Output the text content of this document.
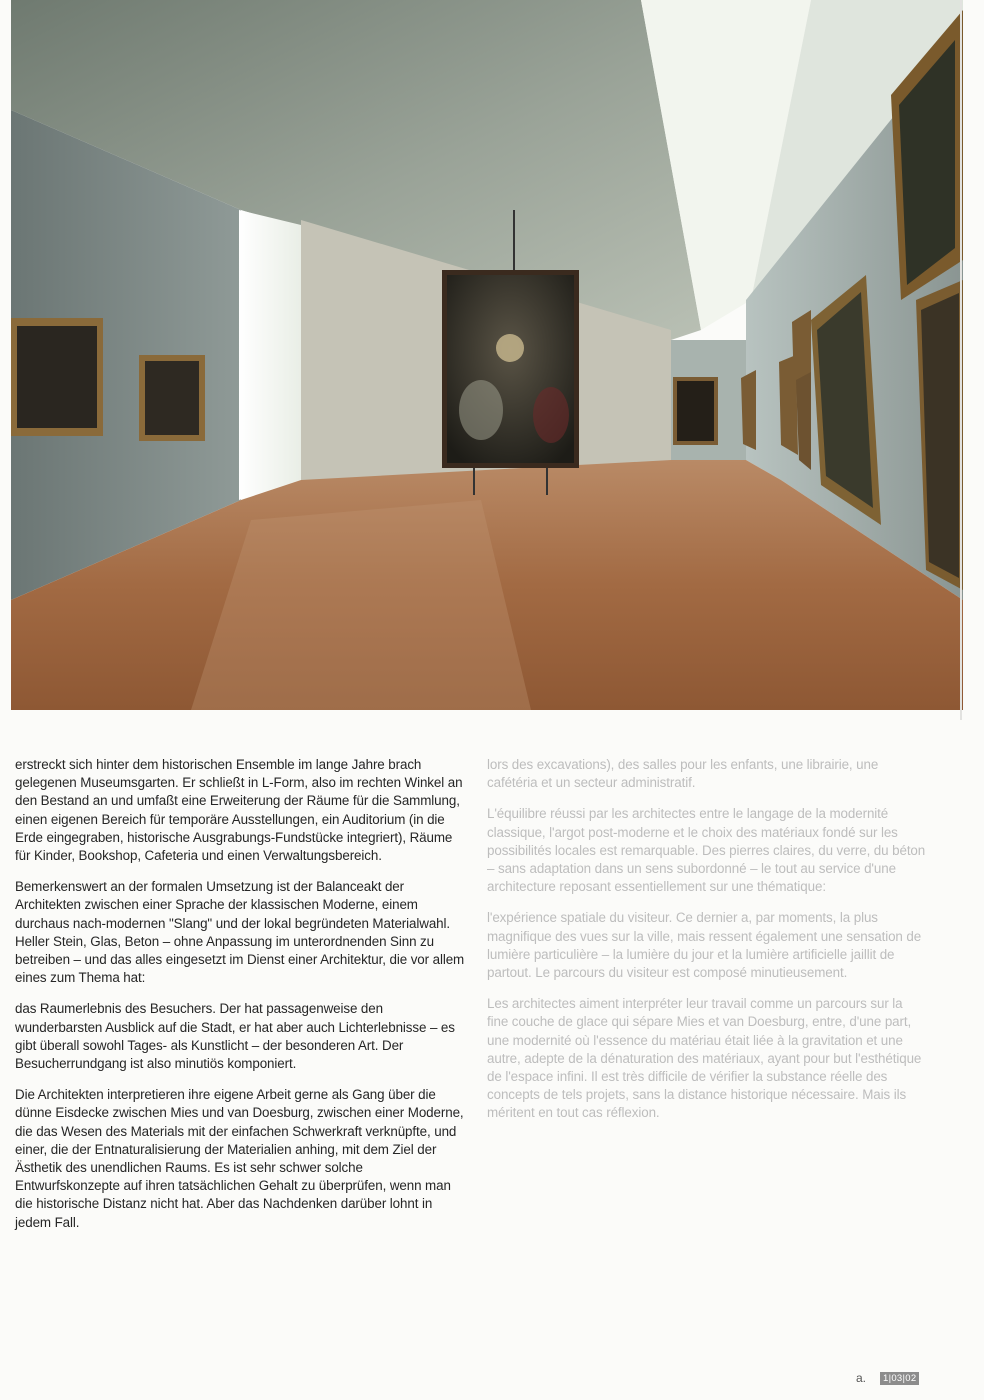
erstreckt sich hinter dem historischen Ensemble im lange Jahre brach gelegenen Museumsgarten. Er schließt in L-Form, also im rechten Winkel an den Bestand an und umfaßt eine Erweiterung der Räume für die Sammlung, einen eigenen Bereich für temporäre Ausstellungen, ein Auditorium (in die Erde eingegraben, historische Ausgrabungs-Fundstücke integriert), Räume für Kinder, Bookshop, Cafeteria und einen Verwaltungsbereich.

Bemerkenswert an der formalen Umsetzung ist der Balanceakt der Architekten zwischen einer Sprache der klassischen Moderne, einem durchaus nach-modernen "Slang" und der lokal begründeten Materialwahl. Heller Stein, Glas, Beton – ohne Anpassung im unterordnenden Sinn zu betreiben – und das alles eingesetzt im Dienst einer Architektur, die vor allem eines zum Thema hat:

das Raumerlebnis des Besuchers. Der hat passagenweise den wunderbarsten Ausblick auf die Stadt, er hat aber auch Lichterlebnisse – es gibt überall sowohl Tages- als Kunstlicht – der besonderen Art. Der Besucherrundgang ist also minutiös komponiert.

Die Architekten interpretieren ihre eigene Arbeit gerne als Gang über die dünne Eisdecke zwischen Mies und van Doesburg, zwischen einer Moderne, die das Wesen des Materials mit der einfachen Schwerkraft verknüpfte, und einer, die der Entnaturalisierung der Materialien anhing, mit dem Ziel der Ästhetik des unendlichen Raums. Es ist sehr schwer solche Entwurfskonzepte auf ihren tatsächlichen Gehalt zu überprüfen, wenn man die historische Distanz nicht hat. Aber das Nachdenken darüber lohnt in jedem Fall.

lors des excavations), des salles pour les enfants, une librairie, une cafétéria et un secteur administratif.

L'équilibre réussi par les architectes entre le langage de la modernité classique, l'argot post-moderne et le choix des matériaux fondé sur les possibilités locales est remarquable. Des pierres claires, du verre, du béton – sans adaptation dans un sens subordonné – le tout au service d'une architecture reposant essentiellement sur une thématique:

l'expérience spatiale du visiteur. Ce dernier a, par moments, la plus magnifique des vues sur la ville, mais ressent également une sensation de lumière particulière – la lumière du jour et la lumière artificielle jaillit de partout. Le parcours du visiteur est composé minutieusement.

Les architectes aiment interpréter leur travail comme un parcours sur la fine couche de glace qui sépare Mies et van Doesburg, entre, d'une part, une modernité où l'essence du matériau était liée à la gravitation et une autre, adepte de la dénaturation des matériaux, ayant pour but l'esthétique de l'espace infini. Il est très difficile de vérifier la substance réelle des concepts de tels projets, sans la distance historique nécessaire. Mais ils méritent en tout cas réflexion.

a.	1|03|02
